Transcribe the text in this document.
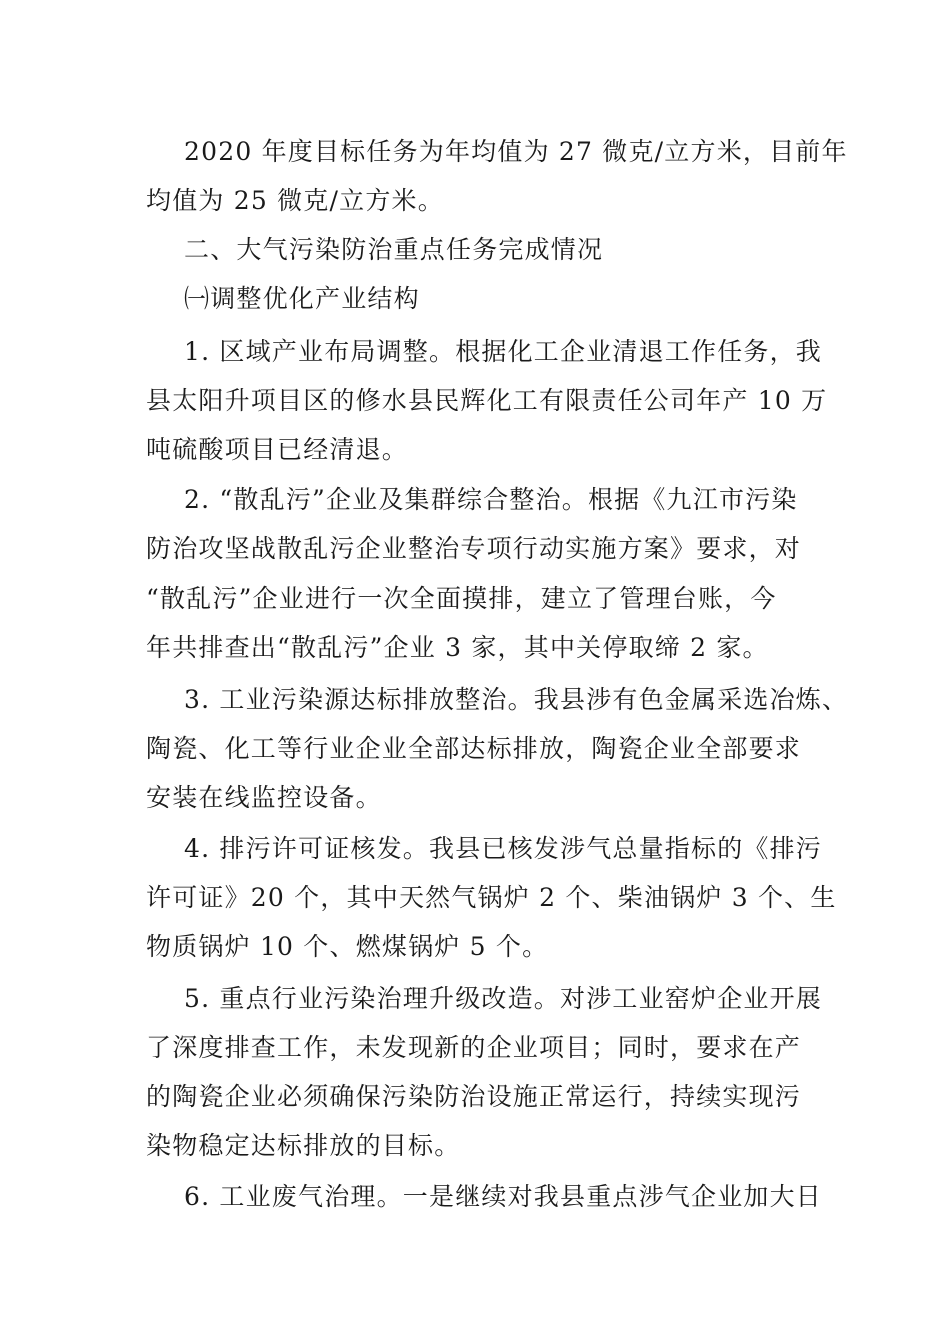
2020 年度目标任务为年均值为 27 微克/立方米，目前年
均值为 25 微克/立方米。
二、大气污染防治重点任务完成情况
㈠调整优化产业结构
1. 区域产业布局调整。根据化工企业清退工作任务，我
县太阳升项目区的修水县民辉化工有限责任公司年产 10 万
吨硫酸项目已经清退。
2. “散乱污”企业及集群综合整治。根据《九江市污染
防治攻坚战散乱污企业整治专项行动实施方案》要求，对
“散乱污”企业进行一次全面摸排，建立了管理台账，今
年共排查出“散乱污”企业 3 家，其中关停取缔 2 家。
3. 工业污染源达标排放整治。我县涉有色金属采选冶炼、
陶瓷、化工等行业企业全部达标排放，陶瓷企业全部要求
安装在线监控设备。
4. 排污许可证核发。我县已核发涉气总量指标的《排污
许可证》20 个，其中天然气锅炉 2 个、柴油锅炉 3 个、生
物质锅炉 10 个、燃煤锅炉 5 个。
5. 重点行业污染治理升级改造。对涉工业窑炉企业开展
了深度排查工作，未发现新的企业项目；同时，要求在产
的陶瓷企业必须确保污染防治设施正常运行，持续实现污
染物稳定达标排放的目标。
6. 工业废气治理。一是继续对我县重点涉气企业加大日
